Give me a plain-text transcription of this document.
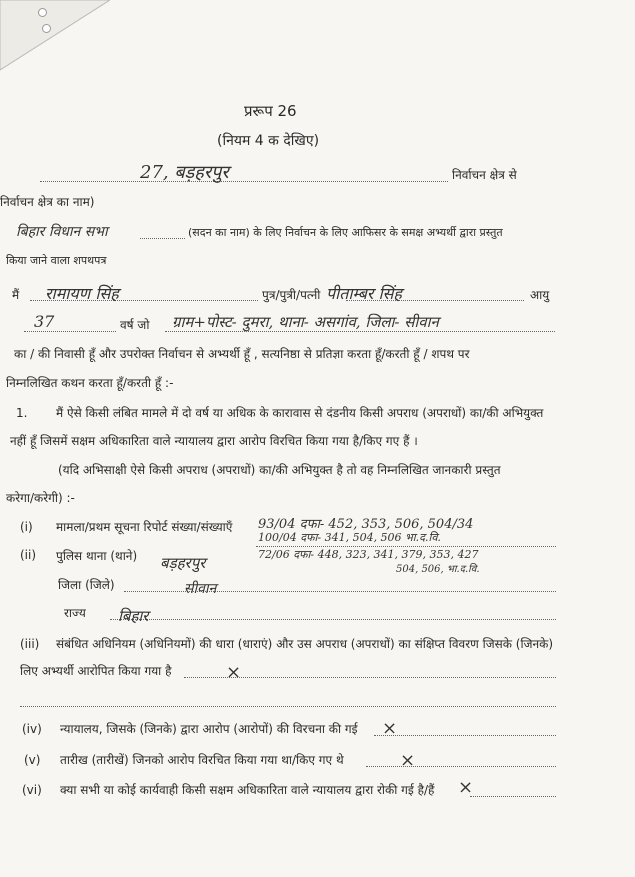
प्ररूप 26
(नियम 4 क देखिए)
27, बड़हरपुर	निर्वाचन क्षेत्र से
निर्वाचन क्षेत्र का नाम)
बिहार विधान सभा	(सदन का नाम) के लिए निर्वाचन के लिए आफिसर के समक्ष अभ्यर्थी द्वारा प्रस्तुत
किया जाने वाला शपथपत्र
मैं रामायण सिंह	पुत्र/पुत्री/पत्नी पीताम्बर सिंह	आयु
37	वर्ष जो ग्राम+पोस्ट- दुमरा, थाना- असगांव, जिला- सीवान
का / की निवासी हूँ और उपरोक्त निर्वाचन से अभ्यर्थी हूँ , सत्यनिष्ठा से प्रतिज्ञा करता हूँ/करती हूँ / शपथ पर
निम्नलिखित कथन करता हूँ/करती हूँ :-
1. मैं ऐसे किसी लंबित मामले में दो वर्ष या अधिक के कारावास से दंडनीय किसी अपराध (अपराधों) का/की अभियुक्त
नहीं हूँ जिसमें सक्षम अधिकारिता वाले न्यायालय द्वारा आरोप विरचित किया गया है/किए गए हैं ।
(यदि अभिसाक्षी ऐसे किसी अपराध (अपराधों) का/की अभियुक्त है तो वह निम्नलिखित जानकारी प्रस्तुत
करेगा/करेगी) :-
(i) मामला/प्रथम सूचना रिपोर्ट संख्या/संख्याएँ 93/04 दफा- 452, 353, 506, 504/34
100/04 दफा- 341, 504, 506 भा.द.वि.
(ii) पुलिस थाना (थाने)	72/06 दफा- 448, 323, 341, 379, 353, 427
504, 506, भा.द.वि.
बड़हरपुर
जिला (जिले)	सीवान
राज्य बिहार
(iii) संबंधित अधिनियम (अधिनियमों) की धारा (धाराएं) और उस अपराध (अपराधों) का संक्षिप्त विवरण जिसके (जिनके)
लिए अभ्यर्थी आरोपित किया गया है	×
(iv) न्यायालय, जिसके (जिनके) द्वारा आरोप (आरोपों) की विरचना की गई ×
(v) तारीख (तारीखें) जिनको आरोप विरचित किया गया था/किए गए थे	×
(vi) क्या सभी या कोई कार्यवाही किसी सक्षम अधिकारिता वाले न्यायालय द्वारा रोकी गई है/हैं ×
